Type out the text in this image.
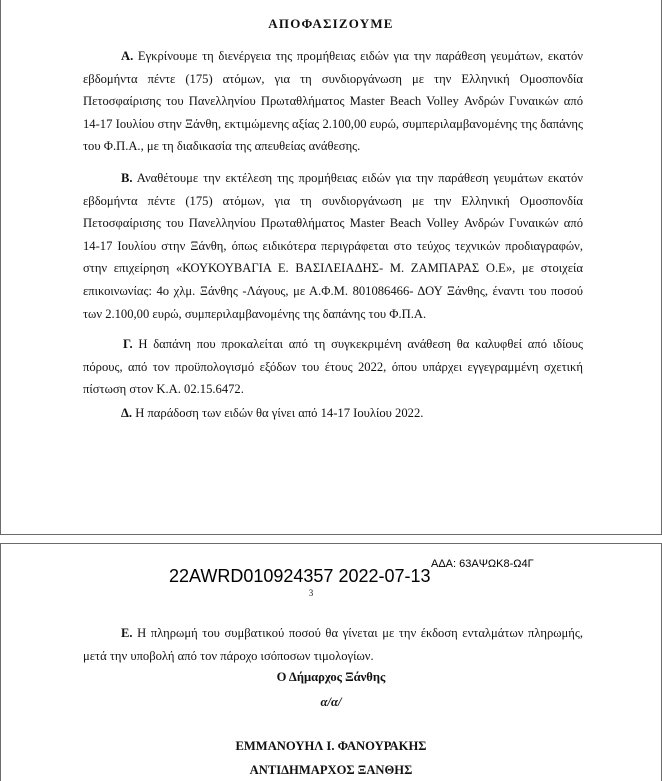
ΑΠΟΦΑΣΙΖΟΥΜΕ
Α. Εγκρίνουμε τη διενέργεια της προμήθειας ειδών για την παράθεση γευμάτων, εκατόν εβδομήντα πέντε (175) ατόμων, για τη συνδιοργάνωση με την Ελληνική Ομοσπονδία Πετοσφαίρισης του Πανελληνίου Πρωταθλήματος Master Beach Volley Ανδρών Γυναικών από 14-17 Ιουλίου στην Ξάνθη, εκτιμώμενης αξίας 2.100,00 ευρώ, συμπεριλαμβανομένης της δαπάνης του Φ.Π.Α., με τη διαδικασία της απευθείας ανάθεσης.
Β. Αναθέτουμε την εκτέλεση της προμήθειας ειδών για την παράθεση γευμάτων εκατόν εβδομήντα πέντε (175) ατόμων, για τη συνδιοργάνωση με την Ελληνική Ομοσπονδία Πετοσφαίρισης του Πανελληνίου Πρωταθλήματος Master Beach Volley Ανδρών Γυναικών από 14-17 Ιουλίου στην Ξάνθη, όπως ειδικότερα περιγράφεται στο τεύχος τεχνικών προδιαγραφών, στην επιχείρηση «ΚΟΥΚΟΥΒΑΓΙΑ Ε. ΒΑΣΙΛΕΙΑΔΗΣ- Μ. ΖΑΜΠΑΡΑΣ Ο.Ε», με στοιχεία επικοινωνίας: 4ο χλμ. Ξάνθης -Λάγους, με Α.Φ.Μ. 801086466- ΔΟΥ Ξάνθης, έναντι του ποσού των 2.100,00 ευρώ, συμπεριλαμβανομένης της δαπάνης του Φ.Π.Α.
Γ. Η δαπάνη που προκαλείται από τη συγκεκριμένη ανάθεση θα καλυφθεί από ιδίους πόρους, από τον προϋπολογισμό εξόδων του έτους 2022, όπου υπάρχει εγγεγραμμένη σχετική πίστωση στον Κ.Α. 02.15.6472.
Δ. Η παράδοση των ειδών θα γίνει από 14-17 Ιουλίου 2022.
ΑΔΑ: 63ΑΨΩΚ8-Ω4Γ
22AWRD010924357 2022-07-13
3
Ε. Η πληρωμή του συμβατικού ποσού θα γίνεται με την έκδοση ενταλμάτων πληρωμής, μετά την υποβολή από τον πάροχο ισόποσων τιμολογίων.
Ο Δήμαρχος Ξάνθης
α/α/
ΕΜΜΑΝΟΥΗΛ Ι. ΦΑΝΟΥΡΑΚΗΣ
ΑΝΤΙΔΗΜΑΡΧΟΣ ΞΑΝΘΗΣ
